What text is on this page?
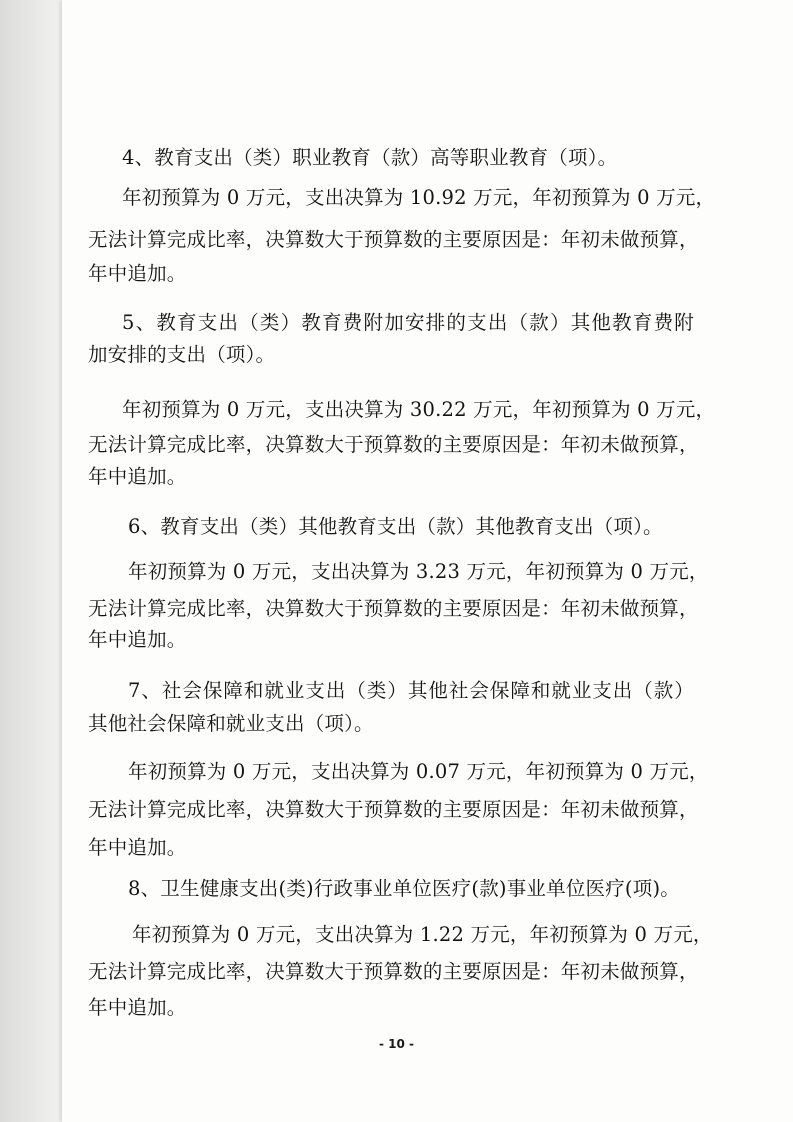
4、教育支出（类）职业教育（款）高等职业教育（项）。
年初预算为 0 万元，支出决算为 10.92 万元，年初预算为 0 万元，
无法计算完成比率，决算数大于预算数的主要原因是：年初未做预算，
年中追加。
5、教育支出（类）教育费附加安排的支出（款）其他教育费附
加安排的支出（项）。
年初预算为 0 万元，支出决算为 30.22 万元，年初预算为 0 万元，
无法计算完成比率，决算数大于预算数的主要原因是：年初未做预算，
年中追加。
6、教育支出（类）其他教育支出（款）其他教育支出（项）。
年初预算为 0 万元，支出决算为 3.23 万元，年初预算为 0 万元，
无法计算完成比率，决算数大于预算数的主要原因是：年初未做预算，
年中追加。
7、社会保障和就业支出（类）其他社会保障和就业支出（款）
其他社会保障和就业支出（项）。
年初预算为 0 万元，支出决算为 0.07 万元，年初预算为 0 万元，
无法计算完成比率，决算数大于预算数的主要原因是：年初未做预算，
年中追加。
8、卫生健康支出(类)行政事业单位医疗(款)事业单位医疗(项)。
年初预算为 0 万元，支出决算为 1.22 万元，年初预算为 0 万元，
无法计算完成比率，决算数大于预算数的主要原因是：年初未做预算，
年中追加。
- 10 -
